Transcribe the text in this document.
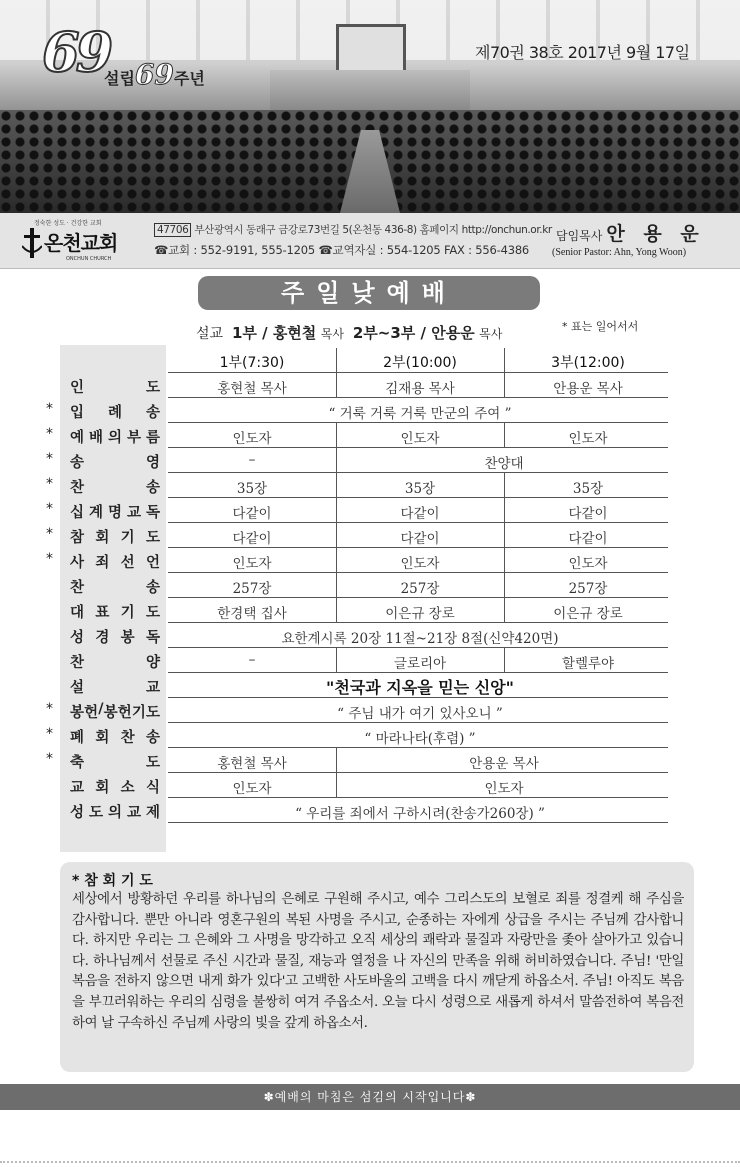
69
설립69주년
제70권 38호 2017년 9월 17일
정숙한 성도 · 건강한 교회
온천교회
ONCHUN CHURCH
47706 부산광역시 동래구 금강로73번길 5(온천동 436-8) 홈페이지 http://onchun.or.kr
☎교회 : 552-9191, 555-1205 ☎교역자실 : 554-1205 FAX : 556-4386
담임목사 안 용 운
(Senior Pastor: Ahn, Yong Woon)
주일낮예배
설교 1부 / 홍현철 목사 2부~3부 / 안용운 목사
* 표는 일어서서
1부(7:30)	2부(10:00)	3부(12:00)
인	도	홍현철 목사	김재용 목사	안용운 목사
* 입 례 송	“ 거룩 거룩 거룩 만군의 주여 ”
* 예 배 의 부 름	인도자	인도자	인도자
* 송	영	–	찬양대
* 찬	송	35장	35장	35장
* 십 계 명 교 독	다같이	다같이	다같이
* 참 회 기 도	다같이	다같이	다같이
* 사 죄 선 언	인도자	인도자	인도자
찬	송	257장	257장	257장
대 표 기 도	한경택 집사	이은규 장로	이은규 장로
성 경 봉 독	요한계시록 20장 11절~21장 8절(신약420면)
찬	양	–	글로리아	할렐루야
설	교	"천국과 지옥을 믿는 신앙"
* 봉 헌 / 봉 헌 기 도	“ 주님 내가 여기 있사오니 ”
* 폐 회 찬 송	“ 마라나타(후렴) ”
* 축	도	홍현철 목사	안용운 목사
교 회 소 식	인도자	인도자
성 도 의 교 제	“ 우리를 죄에서 구하시려(찬송가260장) ”
* 참 회 기 도
세상에서 방황하던 우리를 하나님의 은혜로 구원해 주시고, 예수 그리스도의 보혈로 죄를 정결케 해 주심을 감사합니다. 뿐만 아니라 영혼구원의 복된 사명을 주시고, 순종하는 자에게 상급을 주시는 주님께 감사합니다. 하지만 우리는 그 은혜와 그 사명을 망각하고 오직 세상의 쾌락과 물질과 자랑만을 좇아 살아가고 있습니다. 하나님께서 선물로 주신 시간과 물질, 재능과 열정을 나 자신의 만족을 위해 허비하였습니다. 주님! '만일 복음을 전하지 않으면 내게 화가 있다'고 고백한 사도바울의 고백을 다시 깨닫게 하옵소서. 주님! 아직도 복음을 부끄러워하는 우리의 심령을 불쌍히 여겨 주옵소서. 오늘 다시 성령으로 새롭게 하셔서 말씀전하여 복음전하여 날 구속하신 주님께 사랑의 빛을 갚게 하옵소서.
✽예배의 마침은 섬김의 시작입니다✽
